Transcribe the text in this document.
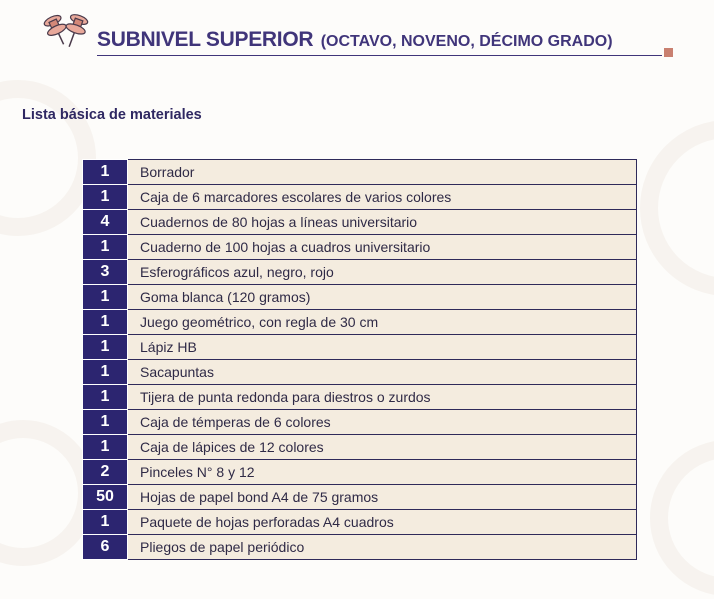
SUBNIVEL SUPERIOR (OCTAVO, NOVENO, DÉCIMO GRADO)
Lista básica de materiales
1	Borrador
1	Caja de 6 marcadores escolares de varios colores
4	Cuadernos de 80 hojas a líneas universitario
1	Cuaderno de 100 hojas a cuadros universitario
3	Esferográficos azul, negro, rojo
1	Goma blanca (120 gramos)
1	Juego geométrico, con regla de 30 cm
1	Lápiz HB
1	Sacapuntas
1	Tijera de punta redonda para diestros o zurdos
1	Caja de témperas de 6 colores
1	Caja de lápices de 12 colores
2	Pinceles N° 8 y 12
50	Hojas de papel bond A4 de 75 gramos
1	Paquete de hojas perforadas A4 cuadros
6	Pliegos de papel periódico
